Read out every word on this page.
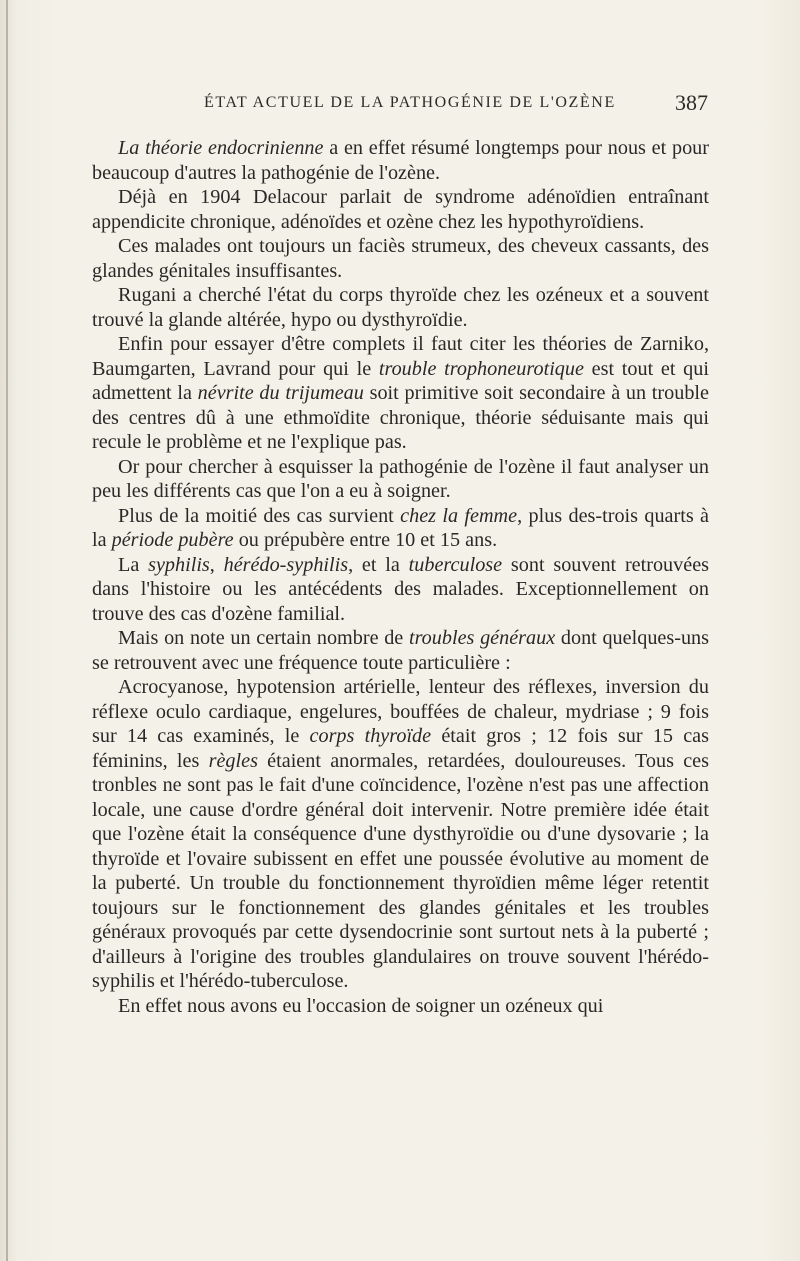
ÉTAT ACTUEL DE LA PATHOGÉNIE DE L'OZÈNE	387

La théorie endocrinienne a en effet résumé longtemps pour nous et pour beaucoup d'autres la pathogénie de l'ozène.

Déjà en 1904 Delacour parlait de syndrome adénoïdien entraînant appendicite chronique, adénoïdes et ozène chez les hypothyroïdiens.

Ces malades ont toujours un faciès strumeux, des cheveux cassants, des glandes génitales insuffisantes.

Rugani a cherché l'état du corps thyroïde chez les ozéneux et a souvent trouvé la glande altérée, hypo ou dysthyroïdie.

Enfin pour essayer d'être complets il faut citer les théories de Zarniko, Baumgarten, Lavrand pour qui le trouble trophoneurotique est tout et qui admettent la névrite du trijumeau soit primitive soit secondaire à un trouble des centres dû à une ethmoïdite chronique, théorie séduisante mais qui recule le problème et ne l'explique pas.

Or pour chercher à esquisser la pathogénie de l'ozène il faut analyser un peu les différents cas que l'on a eu à soigner.

Plus de la moitié des cas survient chez la femme, plus des-trois quarts à la période pubère ou prépubère entre 10 et 15 ans.

La syphilis, hérédo-syphilis, et la tuberculose sont souvent retrouvées dans l'histoire ou les antécédents des malades. Exceptionnellement on trouve des cas d'ozène familial.

Mais on note un certain nombre de troubles généraux dont quelques-uns se retrouvent avec une fréquence toute particulière :

Acrocyanose, hypotension artérielle, lenteur des réflexes, inversion du réflexe oculo cardiaque, engelures, bouffées de chaleur, mydriase ; 9 fois sur 14 cas examinés, le corps thyroïde était gros ; 12 fois sur 15 cas féminins, les règles étaient anormales, retardées, douloureuses. Tous ces tronbles ne sont pas le fait d'une coïncidence, l'ozène n'est pas une affection locale, une cause d'ordre général doit intervenir. Notre première idée était que l'ozène était la conséquence d'une dysthyroïdie ou d'une dysovarie ; la thyroïde et l'ovaire subissent en effet une poussée évolutive au moment de la puberté. Un trouble du fonctionnement thyroïdien même léger retentit toujours sur le fonctionnement des glandes génitales et les troubles généraux provoqués par cette dysendocrinie sont surtout nets à la puberté ; d'ailleurs à l'origine des troubles glandulaires on trouve souvent l'hérédo-syphilis et l'hérédo-tuberculose.

En effet nous avons eu l'occasion de soigner un ozéneux qui
